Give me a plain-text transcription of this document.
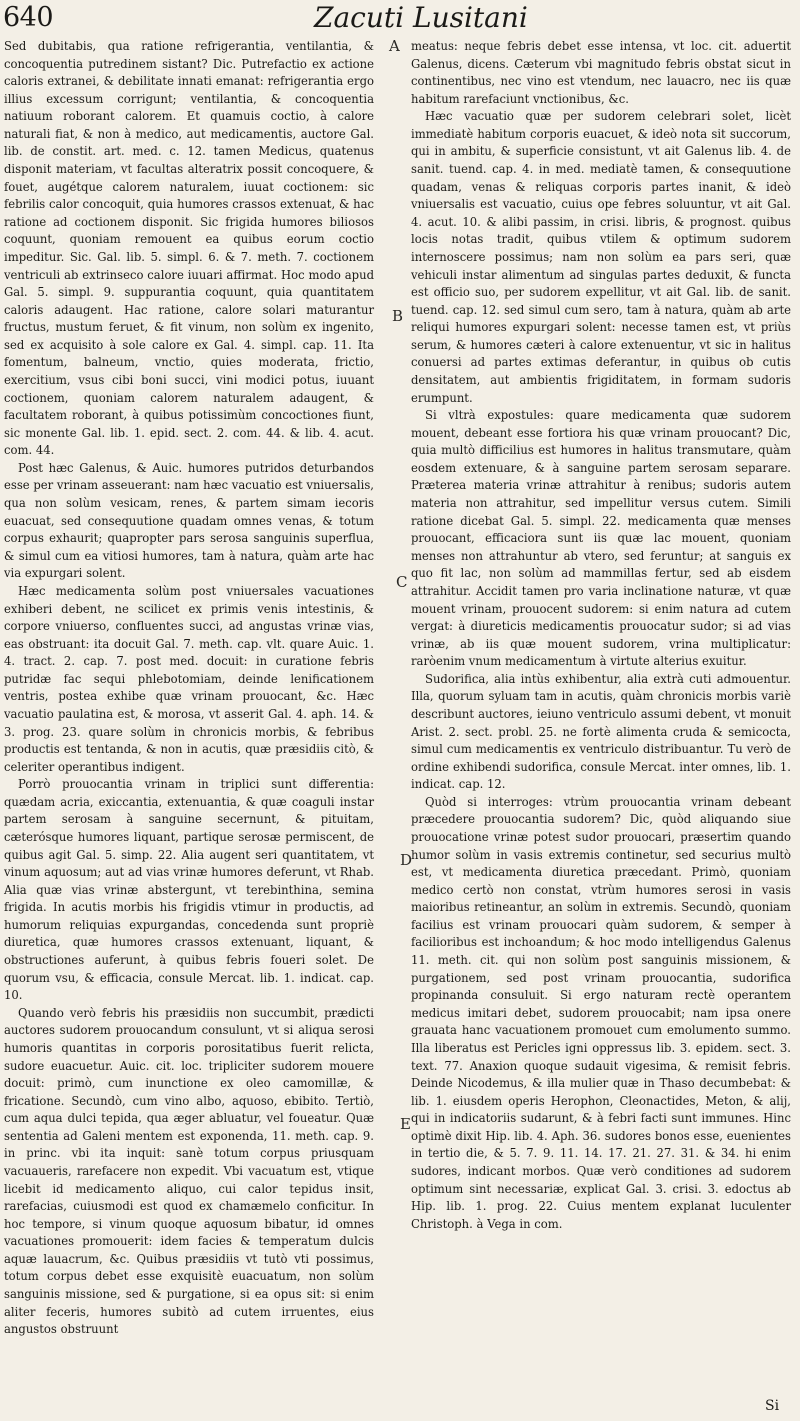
640	Zacuti Lusitani

Sed dubitabis, qua ratione refrigerantia, ventilantia, & concoquentia putredinem sistant? Dic. Putrefactio ex actione caloris extranei, & debilitate innati emanat: refrigerantia ergo illius excessum corrigunt; ventilantia, & concoquentia natiuum roborant calorem. Et quamuis coctio, à calore naturali fiat, & non à medico, aut medicamentis, auctore Gal. lib. de constit. art. med. c. 12. tamen Medicus, quatenus disponit materiam, vt facultas alteratrix possit concoquere, & fouet, augétque calorem naturalem, iuuat coctionem: sic febrilis calor concoquit, quia humores crassos extenuat, & hac ratione ad coctionem disponit. Sic frigida humores biliosos coquunt, quoniam remouent ea quibus eorum coctio impeditur. Sic. Gal. lib. 5. simpl. 6. & 7. meth. 7. coctionem ventriculi ab extrinseco calore iuuari affirmat. Hoc modo apud Gal. 5. simpl. 9. suppurantia coquunt, quia quantitatem caloris adaugent. Hac ratione, calore solari maturantur fructus, mustum feruet, & fit vinum, non solùm ex ingenito, sed ex acquisito à sole calore ex Gal. 4. simpl. cap. 11. Ita fomentum, balneum, vnctio, quies moderata, frictio, exercitium, vsus cibi boni succi, vini modici potus, iuuant coctionem, quoniam calorem naturalem adaugent, & facultatem roborant, à quibus potissimùm concoctiones fiunt, sic monente Gal. lib. 1. epid. sect. 2. com. 44. & lib. 4. acut. com. 44.

Post hæc Galenus, & Auic. humores putridos deturbandos esse per vrinam asseuerant: nam hæc vacuatio est vniuersalis, qua non solùm vesicam, renes, & partem simam iecoris euacuat, sed consequutione quadam omnes venas, & totum corpus exhaurit; quapropter pars serosa sanguinis superflua, & simul cum ea vitiosi humores, tam à natura, quàm arte hac via expurgari solent.

Hæc medicamenta solùm post vniuersales vacuationes exhiberi debent, ne scilicet ex primis venis intestinis, & corpore vniuerso, confluentes succi, ad angustas vrinæ vias, eas obstruant: ita docuit Gal. 7. meth. cap. vlt. quare Auic. 1. 4. tract. 2. cap. 7. post med. docuit: in curatione febris putridæ fac sequi phlebotomiam, deinde lenificationem ventris, postea exhibe quæ vrinam prouocant, &c. Hæc vacuatio paulatina est, & morosa, vt asserit Gal. 4. aph. 14. & 3. prog. 23. quare solùm in chronicis morbis, & febribus productis est tentanda, & non in acutis, quæ præsidiis citò, & celeriter operantibus indigent.

Porrò prouocantia vrinam in triplici sunt differentia: quædam acria, exiccantia, extenuantia, & quæ coaguli instar partem serosam à sanguine secernunt, & pituitam, cæterósque humores liquant, partique serosæ permiscent, de quibus agit Gal. 5. simp. 22. Alia augent seri quantitatem, vt vinum aquosum; aut ad vias vrinæ humores deferunt, vt Rhab. Alia quæ vias vrinæ abstergunt, vt terebinthina, semina frigida. In acutis morbis his frigidis vtimur in productis, ad humorum reliquias expurgandas, concedenda sunt propriè diuretica, quæ humores crassos extenuant, liquant, & obstructiones auferunt, à quibus febris foueri solet. De quorum vsu, & efficacia, consule Mercat. lib. 1. indicat. cap. 10.

Quando verò febris his præsidiis non succumbit, prædicti auctores sudorem prouocandum consulunt, vt si aliqua serosi humoris quantitas in corporis porositatibus fuerit relicta, sudore euacuetur. Auic. cit. loc. tripliciter sudorem mouere docuit: primò, cum inunctione ex oleo camomillæ, & fricatione. Secundò, cum vino albo, aquoso, ebibito. Tertiò, cum aqua dulci tepida, qua æger abluatur, vel foueatur. Quæ sententia ad Galeni mentem est exponenda, 11. meth. cap. 9. in princ. vbi ita inquit: sanè totum corpus priusquam vacuaueris, rarefacere non expedit. Vbi vacuatum est, vtique licebit id medicamento aliquo, cui calor tepidus insit, rarefacias, cuiusmodi est quod ex chamæmelo conficitur. In hoc tempore, si vinum quoque aquosum bibatur, id omnes vacuationes promouerit: idem facies & temperatum dulcis aquæ lauacrum, &c. Quibus præsidiis vt tutò vti possimus, totum corpus debet esse exquisitè euacuatum, non solùm sanguinis missione, sed & purgatione, si ea opus sit: si enim aliter feceris, humores subitò ad cutem irruentes, eius angustos obstruunt

meatus: neque febris debet esse intensa, vt loc. cit. aduertit Galenus, dicens. Cæterum vbi magnitudo febris obstat sicut in continentibus, nec vino est vtendum, nec lauacro, nec iis quæ habitum rarefaciunt vnctionibus, &c.

Hæc vacuatio quæ per sudorem celebrari solet, licèt immediatè habitum corporis euacuet, & ideò nota sit succorum, qui in ambitu, & superficie consistunt, vt ait Galenus lib. 4. de sanit. tuend. cap. 4. in med. mediatè tamen, & consequutione quadam, venas & reliquas corporis partes inanit, & ideò vniuersalis est vacuatio, cuius ope febres soluuntur, vt ait Gal. 4. acut. 10. & alibi passim, in crisi. libris, & prognost. quibus locis notas tradit, quibus vtilem & optimum sudorem internoscere possimus; nam non solùm ea pars seri, quæ vehiculi instar alimentum ad singulas partes deduxit, & functa est officio suo, per sudorem expellitur, vt ait Gal. lib. de sanit. tuend. cap. 12. sed simul cum sero, tam à natura, quàm ab arte reliqui humores expurgari solent: necesse tamen est, vt priùs serum, & humores cæteri à calore extenuentur, vt sic in halitus conuersi ad partes extimas deferantur, in quibus ob cutis densitatem, aut ambientis frigiditatem, in formam sudoris erumpunt.

Si vltrà expostules: quare medicamenta quæ sudorem mouent, debeant esse fortiora his quæ vrinam prouocant? Dic, quia multò difficilius est humores in halitus transmutare, quàm eosdem extenuare, & à sanguine partem serosam separare. Præterea materia vrinæ attrahitur à renibus; sudoris autem materia non attrahitur, sed impellitur versus cutem. Simili ratione dicebat Gal. 5. simpl. 22. medicamenta quæ menses prouocant, efficaciora sunt iis quæ lac mouent, quoniam menses non attrahuntur ab vtero, sed feruntur; at sanguis ex quo fit lac, non solùm ad mammillas fertur, sed ab eisdem attrahitur. Accidit tamen pro varia inclinatione naturæ, vt quæ mouent vrinam, prouocent sudorem: si enim natura ad cutem vergat: à diureticis medicamentis prouocatur sudor; si ad vias vrinæ, ab iis quæ mouent sudorem, vrina multiplicatur: raròenim vnum medicamentum à virtute alterius exuitur.

Sudorifica, alia intùs exhibentur, alia extrà cuti admouentur. Illa, quorum syluam tam in acutis, quàm chronicis morbis variè describunt auctores, ieiuno ventriculo assumi debent, vt monuit Arist. 2. sect. probl. 25. ne fortè alimenta cruda & semicocta, simul cum medicamentis ex ventriculo distribuantur. Tu verò de ordine exhibendi sudorifica, consule Mercat. inter omnes, lib. 1. indicat. cap. 12.

Quòd si interroges: vtrùm prouocantia vrinam debeant præcedere prouocantia sudorem? Dic, quòd aliquando siue prouocatione vrinæ potest sudor prouocari, præsertim quando humor solùm in vasis extremis continetur, sed securius multò est, vt medicamenta diuretica præcedant. Primò, quoniam medico certò non constat, vtrùm humores serosi in vasis maioribus retineantur, an solùm in extremis. Secundò, quoniam facilius est vrinam prouocari quàm sudorem, & semper à facilioribus est inchoandum; & hoc modo intelligendus Galenus 11. meth. cit. qui non solùm post sanguinis missionem, & purgationem, sed post vrinam prouocantia, sudorifica propinanda consuluit. Si ergo naturam rectè operantem medicus imitari debet, sudorem prouocabit; nam ipsa onere grauata hanc vacuationem promouet cum emolumento summo. Illa liberatus est Pericles igni oppressus lib. 3. epidem. sect. 3. text. 77. Anaxion quoque sudauit vigesima, & remisit febris. Deinde Nicodemus, & illa mulier quæ in Thaso decumbebat: & lib. 1. eiusdem operis Herophon, Cleonactides, Meton, & alij, qui in indicatoriis sudarunt, & à febri facti sunt immunes. Hinc optimè dixit Hip. lib. 4. Aph. 36. sudores bonos esse, euenientes in tertio die, & 5. 7. 9. 11. 14. 17. 21. 27. 31. & 34. hi enim sudores, indicant morbos. Quæ verò conditiones ad sudorem optimum sint necessariæ, explicat Gal. 3. crisi. 3. edoctus ab Hip. lib. 1. prog. 22. Cuius mentem explanat luculenter Christoph. à Vega in com.

A
B
C
D
E
Si
